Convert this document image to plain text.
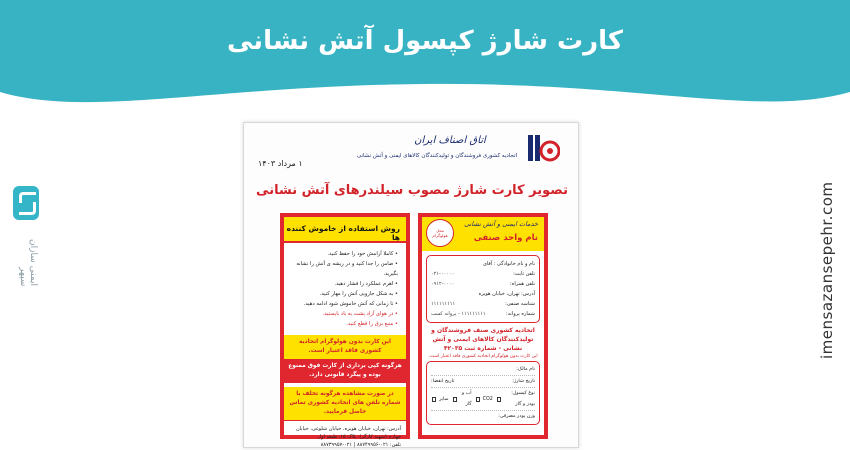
کارت شارژ کپسول آتش نشانی
ایمنی سازان سپهر	imensazansepehr.com
۱ مرداد ۱۴۰۳
اتاق اصناف ایران
اتحادیه کشوری فروشندگان و تولیدکنندگان کالاهای ایمنی و آتش نشانی
تصویر کارت شارژ مصوب سیلندرهای آتش نشانی
روش استفاده از خاموش کننده ها
• کاملا آرامش خود را حفظ کنید.
• ضامن را جدا کنید و در ریشه ی آتش را نشانه بگیرید.
• اهرم عملکرد را فشار دهید.
• به شکل جارویی آتش را مهار کنید.
• تا زمانی که آتش خاموش شود ادامه دهید.
• در هوای آزاد پشت به باد بایستید.
• منبع برق را قطع کنید.
این کارت بدون هولوگرام اتحادیه کشوری فاقد اعتبار است.
هرگونه کپی برداری از کارت فوق ممنوع بوده و پیگرد قانونی دارد.
در صورت مشاهده هرگونه تخلف با شماره تلفن های اتحادیه کشوری تماس حاصل فرمایید.
آدرس: تهران، خیابان هویزه، خیابان شلوغی، خیابان چهارم (شهید کارگر)، پلاک ۱۵، طبقه اول
تلفن: ۰۲۱-۸۸۷۴۹۹۵۶ | ۰۲۱-۸۸۷۳۹۹۵۷
خدمات ایمنی و آتش نشانی
نام واحد صنفی
محل هولوگرام
نام و نام خانوادگی : آقای
تلفن ثابت:
۰۲۱-۰۰۰۰۰
تلفن همراه:
۰۹۱۲-۰۰۰۰
آدرس: تهران، خیابان هویزه
شناسه صنفی:
۱۱۱۱۱۱۱۱۱
شماره پروانه:
۱۱۱۱۱۱۱۱۱ - پروانه کسب
اتحادیه کشوری صنف فروشندگان و تولیدکنندگان کالاهای ایمنی و آتش نشانی - شماره ثبت ۴۲۰۳۵
این کارت بدون هولوگرام اتحادیه کشوری فاقد اعتبار است.
نام مالک:
تاریخ شارژ:
تاریخ انقضا:
نوع کپسول: پودر و گاز
CO2
آب و گاز
سایر
وزن پودر مصرفی:
